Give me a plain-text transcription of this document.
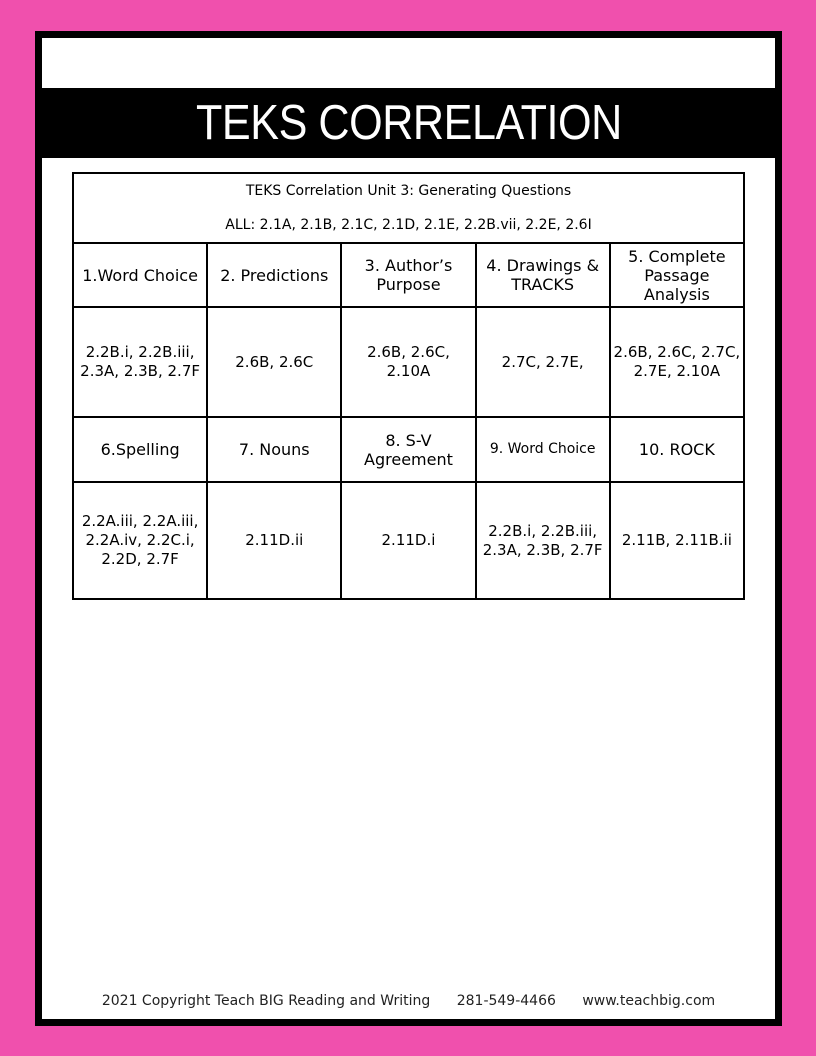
TEKS CORRELATION
TEKS Correlation Unit 3: Generating Questions
ALL: 2.1A, 2.1B, 2.1C, 2.1D, 2.1E, 2.2B.vii, 2.2E, 2.6I				

1.Word Choice	2. Predictions	3. Author’s Purpose	4. Drawings & TRACKS	5. Complete Passage Analysis
2.2B.i, 2.2B.iii, 2.3A, 2.3B, 2.7F	2.6B, 2.6C	2.6B, 2.6C, 2.10A	2.7C, 2.7E,	2.6B, 2.6C, 2.7C, 2.7E, 2.10A
6.Spelling	7. Nouns	8. S-V Agreement	9. Word Choice	10. ROCK
2.2A.iii, 2.2A.iii, 2.2A.iv, 2.2C.i, 2.2D, 2.7F	2.11D.ii	2.11D.i	2.2B.i, 2.2B.iii, 2.3A, 2.3B, 2.7F	2.11B, 2.11B.ii
2021 Copyright Teach BIG Reading and Writing 281-549-4466 www.teachbig.com
